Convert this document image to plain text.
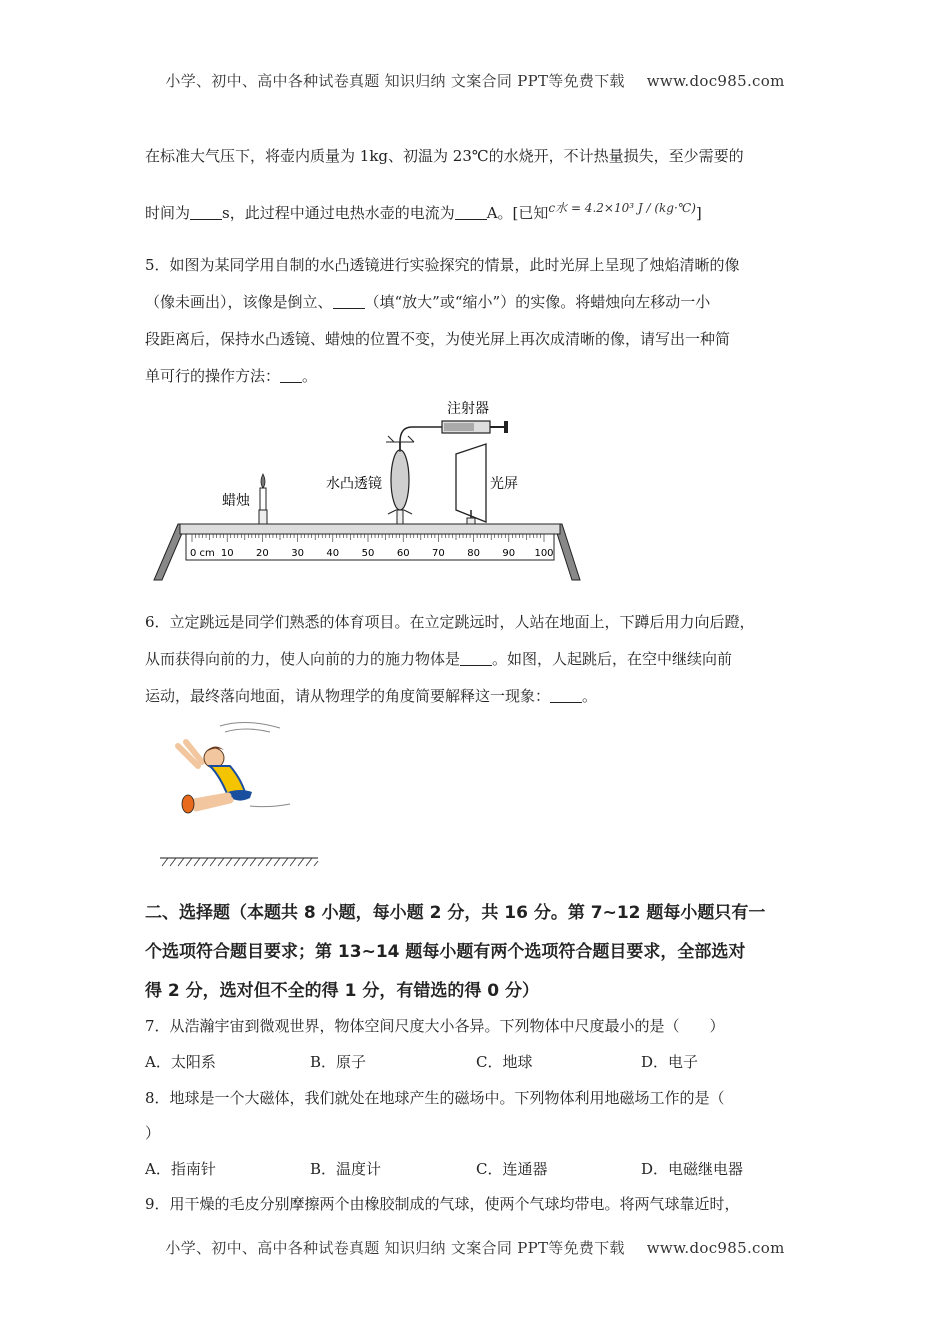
小学、初中、高中各种试卷真题 知识归纳 文案合同 PPT等免费下载 www.doc985.com
在标准大气压下，将壶内质量为 1kg、初温为 23℃的水烧开，不计热量损失，至少需要的
时间为 s，此过程中通过电热水壶的电流为 A。[已知$^{c水 = 4.2\times 10^3 J / (kg\cdot℃)}$]
5．如图为某同学用自制的水凸透镜进行实验探究的情景，此时光屏上呈现了烛焰清晰的像
（像未画出），该像是倒立、 （填“放大”或“缩小”）的实像。将蜡烛向左移动一小
段距离后，保持水凸透镜、蜡烛的位置不变，为使光屏上再次成清晰的像，请写出一种简
单可行的操作方法： 。
注射器
水凸透镜	光屏
蜡烛
0 cm 10 20 30 40 50 60 70 80 90 100
6．立定跳远是同学们熟悉的体育项目。在立定跳远时，人站在地面上，下蹲后用力向后蹬，
从而获得向前的力，使人向前的力的施力物体是 。如图，人起跳后，在空中继续向前
运动，最终落向地面，请从物理学的角度简要解释这一现象： 。
二、选择题（本题共 8 小题，每小题 2 分，共 16 分。第 7~12 题每小题只有一
个选项符合题目要求；第 13~14 题每小题有两个选项符合题目要求，全部选对
得 2 分，选对但不全的得 1 分，有错选的得 0 分）
7．从浩瀚宇宙到微观世界，物体空间尺度大小各异。下列物体中尺度最小的是（　　）
A．太阳系	B．原子	C．地球	D．电子
8．地球是一个大磁体，我们就处在地球产生的磁场中。下列物体利用地磁场工作的是（
）
A．指南针	B．温度计	C．连通器	D．电磁继电器
9．用干燥的毛皮分别摩擦两个由橡胶制成的气球，使两个气球均带电。将两气球靠近时，
小学、初中、高中各种试卷真题 知识归纳 文案合同 PPT等免费下载 www.doc985.com
